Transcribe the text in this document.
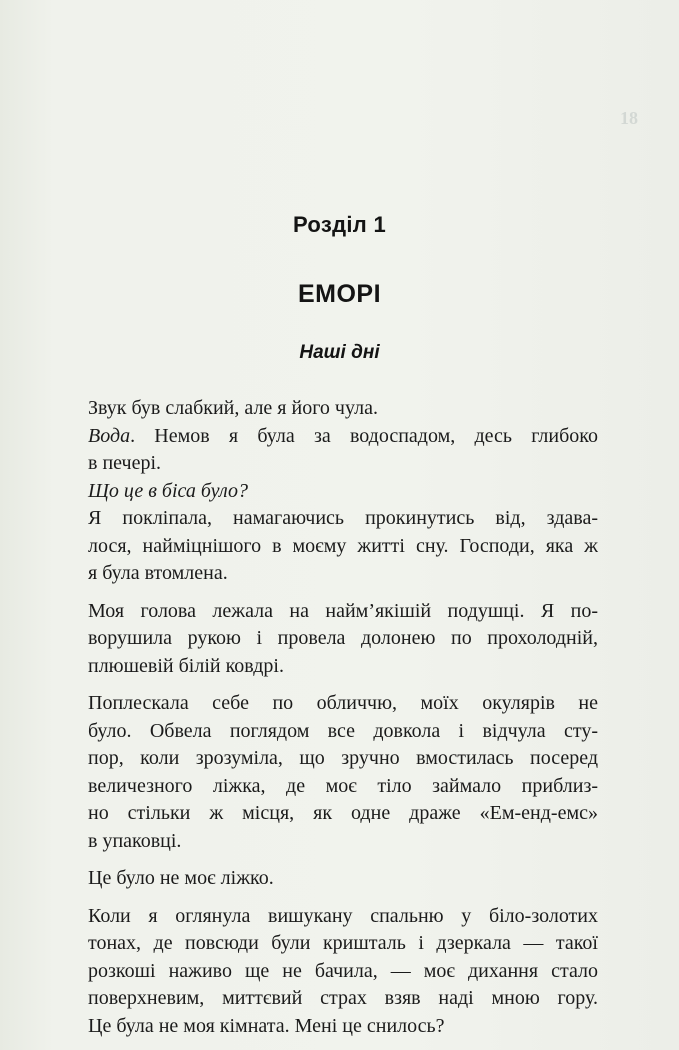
18

Розділ 1
ЕМОРІ
Наші дні

Звук був слабкий, але я його чула.

Вода. Немов я була за водоспадом, десь глибоко
в печері.

Що це в біса було?

Я покліпала, намагаючись прокинутись від, здава-
лося, найміцнішого в моєму житті сну. Господи, яка ж
я була втомлена.

Моя голова лежала на найм’якішій подушці. Я по-
ворушила рукою і провела долонею по прохолодній,
плюшевій білій ковдрі.

Поплескала себе по обличчю, моїх окулярів не
було. Обвела поглядом все довкола і відчула сту-
пор, коли зрозуміла, що зручно вмостилась посеред
величезного ліжка, де моє тіло займало приблиз-
но стільки ж місця, як одне драже «Ем-енд-емс»
в упаковці.

Це було не моє ліжко.

Коли я оглянула вишукану спальню у біло-золотих
тонах, де повсюди були кришталь і дзеркала — такої
розкоші наживо ще не бачила, — моє дихання стало
поверхневим, миттєвий страх взяв наді мною гору.
Це була не моя кімната. Мені це снилось?
